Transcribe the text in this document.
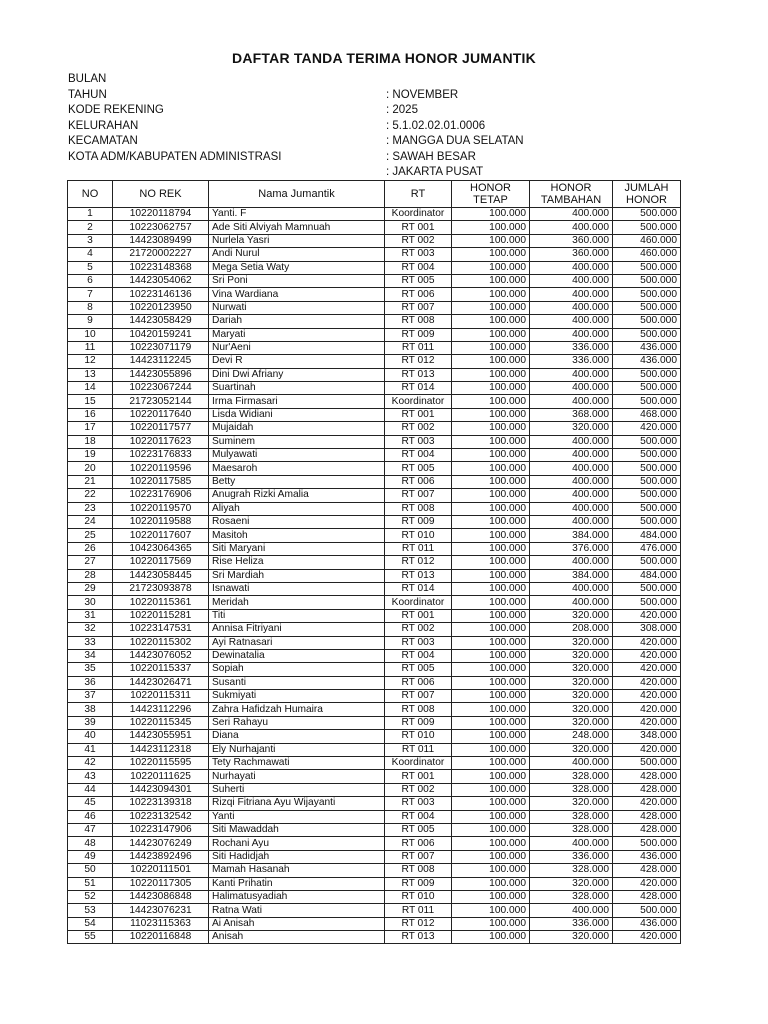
DAFTAR TANDA TERIMA HONOR JUMANTIK
BULAN
TAHUN	: NOVEMBER
KODE REKENING	: 2025
KELURAHAN	: 5.1.02.02.01.0006
KECAMATAN	: MANGGA DUA SELATAN
KOTA ADM/KABUPATEN ADMINISTRASI	: SAWAH BESAR
: JAKARTA PUSAT
NO	NO REK	Nama Jumantik	RT	HONOR TETAP	HONOR TAMBAHAN	JUMLAH HONOR
1	10220118794	Yanti. F	Koordinator	100.000	400.000	500.000
2	10223062757	Ade Siti Alviyah Mamnuah	RT 001	100.000	400.000	500.000
3	14423089499	Nurlela Yasri	RT 002	100.000	360.000	460.000
4	21720002227	Andi Nurul	RT 003	100.000	360.000	460.000
5	10223148368	Mega Setia Waty	RT 004	100.000	400.000	500.000
6	14423054062	Sri Poni	RT 005	100.000	400.000	500.000
7	10223146136	Vina Wardiana	RT 006	100.000	400.000	500.000
8	10220123950	Nurwati	RT 007	100.000	400.000	500.000
9	14423058429	Dariah	RT 008	100.000	400.000	500.000
10	10420159241	Maryati	RT 009	100.000	400.000	500.000
11	10223071179	Nur'Aeni	RT 011	100.000	336.000	436.000
12	14423112245	Devi R	RT 012	100.000	336.000	436.000
13	14423055896	Dini Dwi Afriany	RT 013	100.000	400.000	500.000
14	10223067244	Suartinah	RT 014	100.000	400.000	500.000
15	21723052144	Irma Firmasari	Koordinator	100.000	400.000	500.000
16	10220117640	Lisda Widiani	RT 001	100.000	368.000	468.000
17	10220117577	Mujaidah	RT 002	100.000	320.000	420.000
18	10220117623	Suminem	RT 003	100.000	400.000	500.000
19	10223176833	Mulyawati	RT 004	100.000	400.000	500.000
20	10220119596	Maesaroh	RT 005	100.000	400.000	500.000
21	10220117585	Betty	RT 006	100.000	400.000	500.000
22	10223176906	Anugrah Rizki Amalia	RT 007	100.000	400.000	500.000
23	10220119570	Aliyah	RT 008	100.000	400.000	500.000
24	10220119588	Rosaeni	RT 009	100.000	400.000	500.000
25	10220117607	Masitoh	RT 010	100.000	384.000	484.000
26	10423064365	Siti Maryani	RT 011	100.000	376.000	476.000
27	10220117569	Rise Heliza	RT 012	100.000	400.000	500.000
28	14423058445	Sri Mardiah	RT 013	100.000	384.000	484.000
29	21723093878	Isnawati	RT 014	100.000	400.000	500.000
30	10220115361	Meridah	Koordinator	100.000	400.000	500.000
31	10220115281	Titi	RT 001	100.000	320.000	420.000
32	10223147531	Annisa Fitriyani	RT 002	100.000	208.000	308.000
33	10220115302	Ayi Ratnasari	RT 003	100.000	320.000	420.000
34	14423076052	Dewinatalia	RT 004	100.000	320.000	420.000
35	10220115337	Sopiah	RT 005	100.000	320.000	420.000
36	14423026471	Susanti	RT 006	100.000	320.000	420.000
37	10220115311	Sukmiyati	RT 007	100.000	320.000	420.000
38	14423112296	Zahra Hafidzah Humaira	RT 008	100.000	320.000	420.000
39	10220115345	Seri Rahayu	RT 009	100.000	320.000	420.000
40	14423055951	Diana	RT 010	100.000	248.000	348.000
41	14423112318	Ely Nurhajanti	RT 011	100.000	320.000	420.000
42	10220115595	Tety Rachmawati	Koordinator	100.000	400.000	500.000
43	10220111625	Nurhayati	RT 001	100.000	328.000	428.000
44	14423094301	Suherti	RT 002	100.000	328.000	428.000
45	10223139318	Rizqi Fitriana Ayu Wijayanti	RT 003	100.000	320.000	420.000
46	10223132542	Yanti	RT 004	100.000	328.000	428.000
47	10223147906	Siti Mawaddah	RT 005	100.000	328.000	428.000
48	14423076249	Rochani Ayu	RT 006	100.000	400.000	500.000
49	14423892496	Siti Hadidjah	RT 007	100.000	336.000	436.000
50	10220111501	Mamah Hasanah	RT 008	100.000	328.000	428.000
51	10220117305	Kanti Prihatin	RT 009	100.000	320.000	420.000
52	14423086848	Halimatusyadiah	RT 010	100.000	328.000	428.000
53	14423076231	Ratna Wati	RT 011	100.000	400.000	500.000
54	11023115363	Ai Anisah	RT 012	100.000	336.000	436.000
55	10220116848	Anisah	RT 013	100.000	320.000	420.000
